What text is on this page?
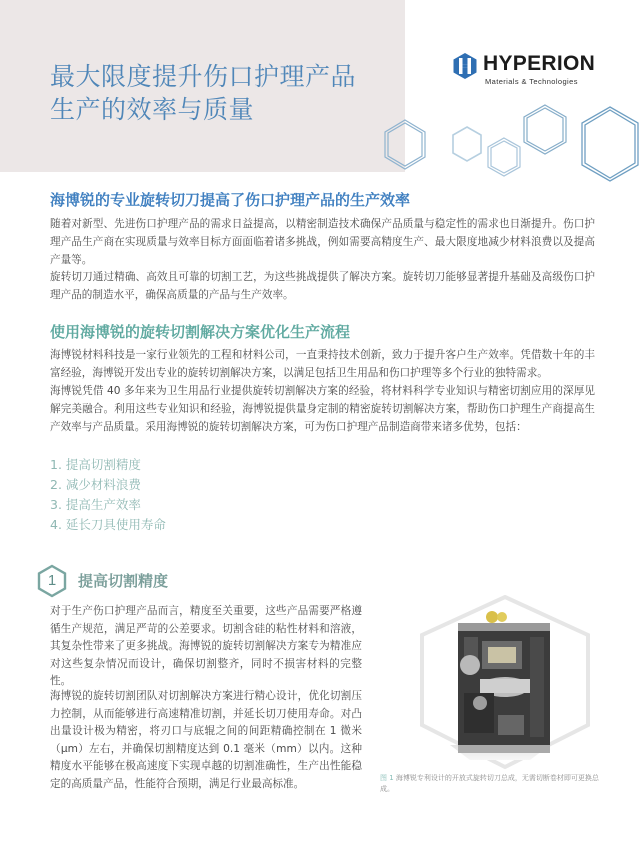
最大限度提升伤口护理产品
生产的效率与质量
HYPERION
Materials & Technologies
海博锐的专业旋转切刀提高了伤口护理产品的生产效率

随着对新型、先进伤口护理产品的需求日益提高，以精密制造技术确保产品质量与稳定性的需求也日渐提升。伤口护理产品生产商在实现质量与效率目标方面面临着诸多挑战，例如需要高精度生产、最大限度地减少材料浪费以及提高产量等。

旋转切刀通过精确、高效且可靠的切割工艺，为这些挑战提供了解决方案。旋转切刀能够显著提升基础及高级伤口护理产品的制造水平，确保高质量的产品与生产效率。

使用海博锐的旋转切割解决方案优化生产流程

海博锐材料科技是一家行业领先的工程和材料公司，一直秉持技术创新，致力于提升客户生产效率。凭借数十年的丰富经验，海博锐开发出专业的旋转切割解决方案，以满足包括卫生用品和伤口护理等多个行业的独特需求。

海博锐凭借 40 多年来为卫生用品行业提供旋转切割解决方案的经验，将材料科学专业知识与精密切割应用的深厚见解完美融合。利用这些专业知识和经验，海博锐提供量身定制的精密旋转切割解决方案，帮助伤口护理生产商提高生产效率与产品质量。采用海博锐的旋转切割解决方案，可为伤口护理产品制造商带来诸多优势，包括：

1. 提高切割精度
2. 减少材料浪费
3. 提高生产效率
4. 延长刀具使用寿命
1	提高切割精度

对于生产伤口护理产品而言，精度至关重要，这些产品需要严格遵循生产规范，满足严苛的公差要求。切割含硅的粘性材料和溶液，其复杂性带来了更多挑战。海博锐的旋转切割解决方案专为精准应对这些复杂情况而设计，确保切割整齐，同时不损害材料的完整性。

海博锐的旋转切割团队对切割解决方案进行精心设计，优化切割压力控制，从而能够进行高速精准切割，并延长切刀使用寿命。对凸出量设计极为精密，将刃口与底辊之间的间距精确控制在 1 微米（μm）左右，并确保切割精度达到 0.1 毫米（mm）以内。这种精度水平能够在极高速度下实现卓越的切割准确性，生产出性能稳定的高质量产品，性能符合预期，满足行业最高标准。	图 1 海博锐专利设计的开放式旋转切刀总成，无需切断卷材即可更换总成。
